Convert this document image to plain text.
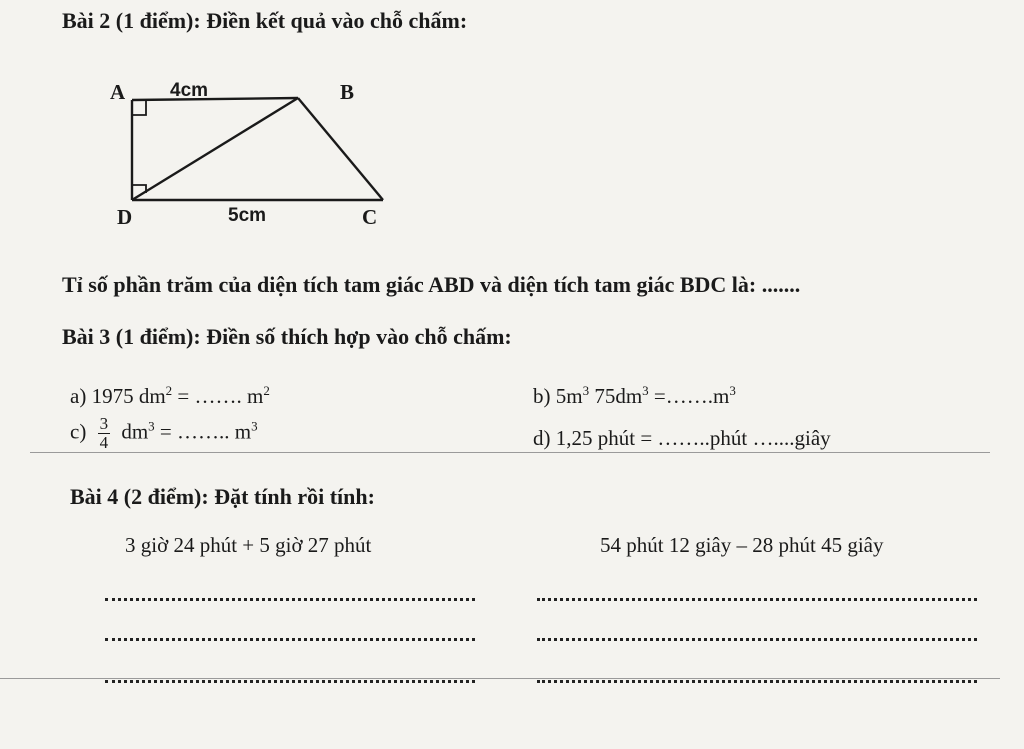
Bài 2 (1 điểm): Điền kết quả vào chỗ chấm:
A 4cm	B
D	5cm	C
Tỉ số phần trăm của diện tích tam giác ABD và diện tích tam giác BDC là: .......
Bài 3 (1 điểm): Điền số thích hợp vào chỗ chấm:
a) 1975 $dm^2$ = ……. $m^2$	b) $5m^3$ $75dm^3$ $=\dots\dots.m^3$
$c) \frac{3}{4} dm^3$ = …….. $m^3$
d) 1,25 phút = ……..phút …....giây
Bài 4 (2 điểm): Đặt tính rồi tính:
3 giờ 24 phút + 5 giờ 27 phút	54 phút 12 giây – 28 phút 45 giây
